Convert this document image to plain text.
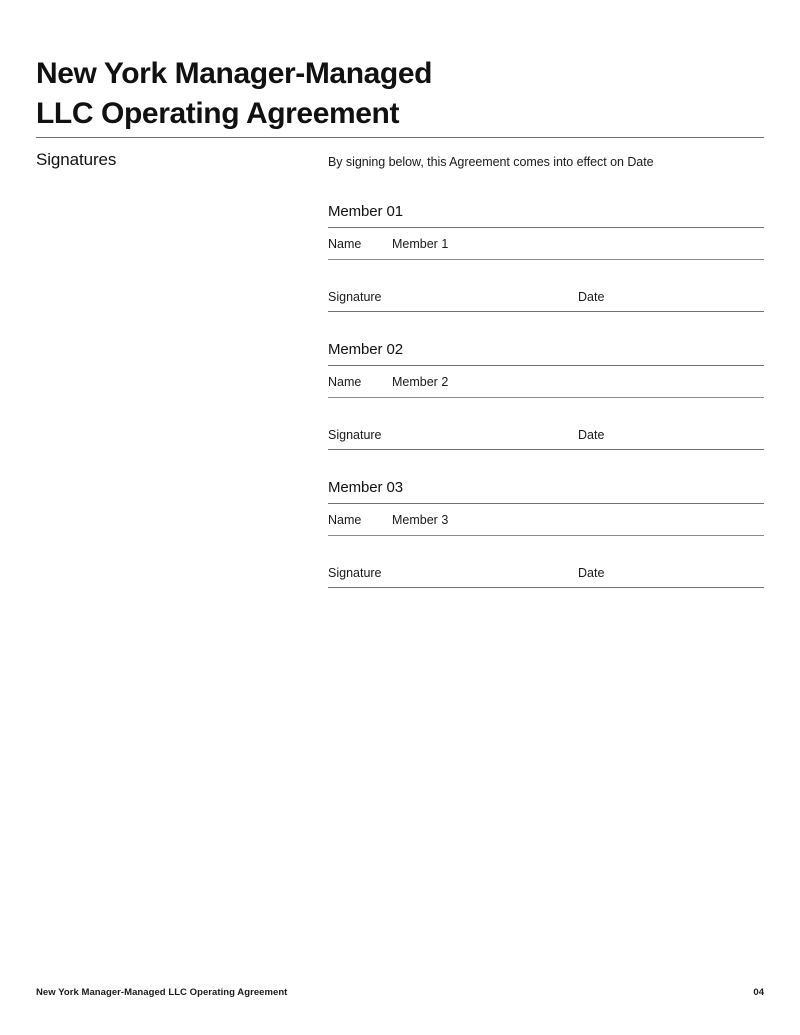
New York Manager-Managed
LLC Operating Agreement
Signatures	By signing below, this Agreement comes into effect on Date

Member 01
Name	Member 1
Signature	Date
Member 02
Name	Member 2
Signature	Date
Member 03
Name	Member 3
Signature	Date
New York Manager-Managed LLC Operating Agreement	04
